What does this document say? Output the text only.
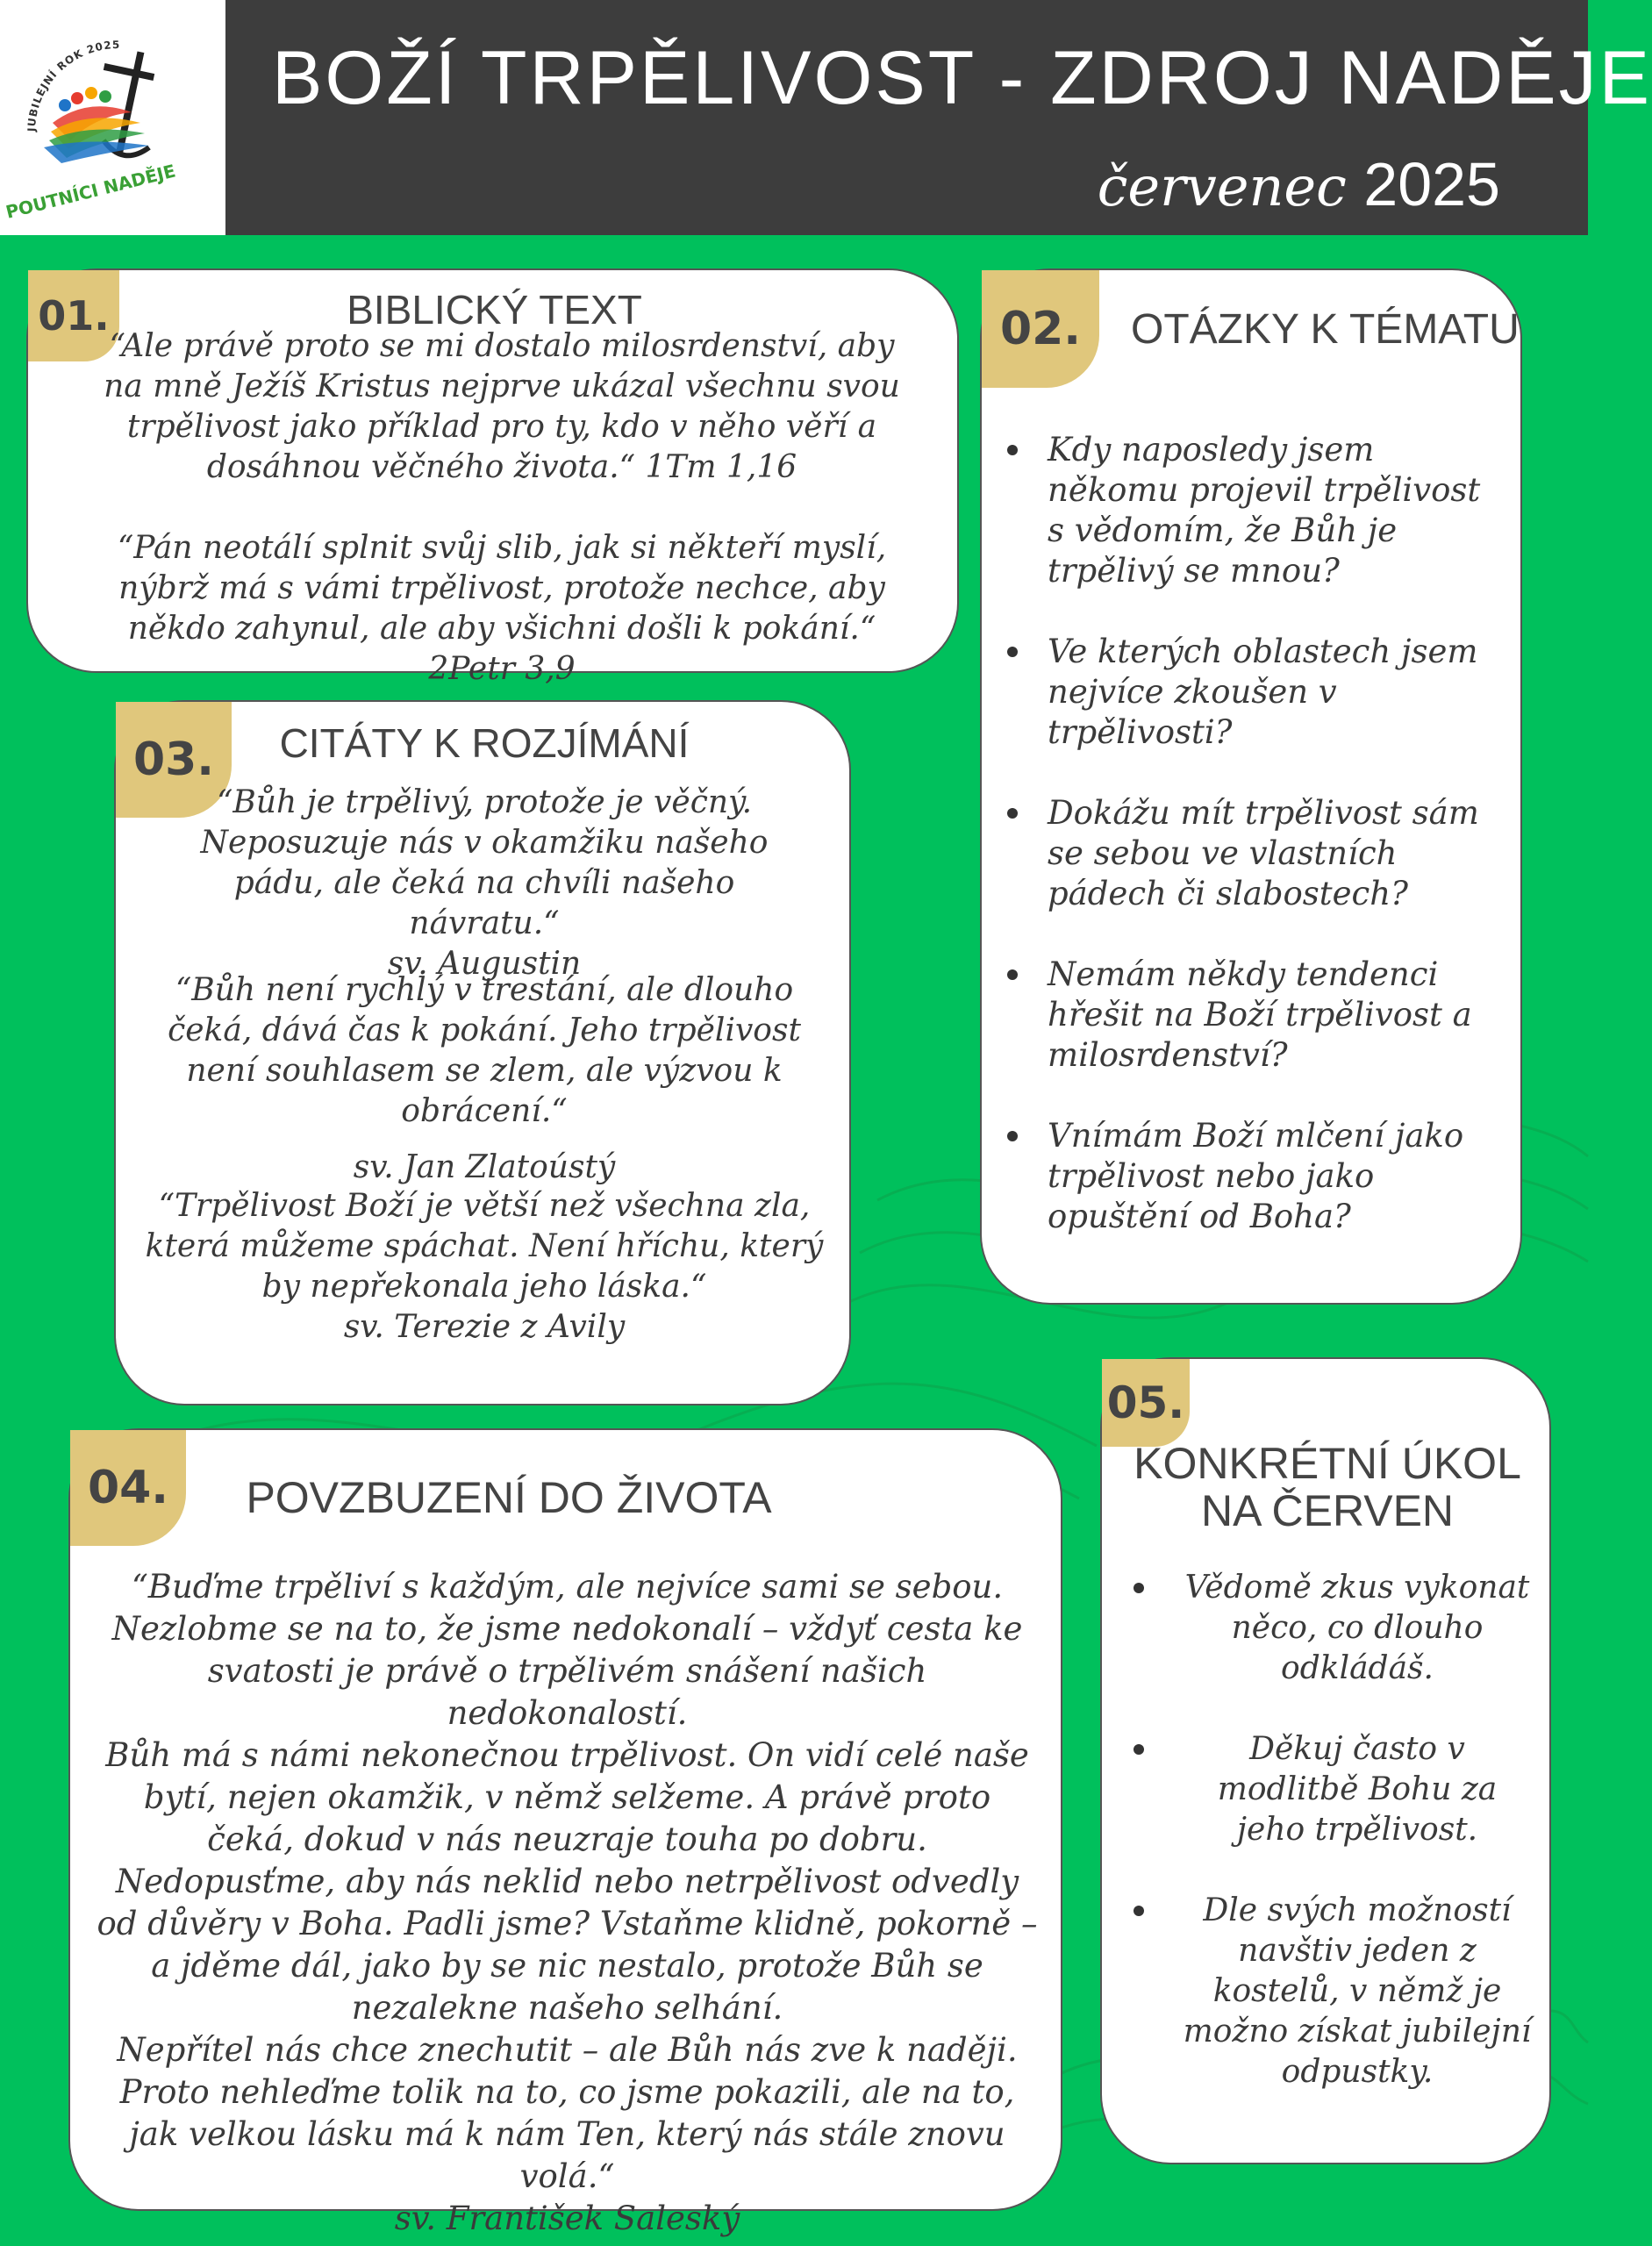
JUBILEJNÍ ROK 2025
POUTNÍCI NADĚJE
BOŽÍ TRPĚLIVOST - ZDROJ NADĚJE
červenec 2025
01.	BIBLICKÝ TEXT

“Ale právě proto se mi dostalo milosrdenství, aby na mně Ježíš Kristus nejprve ukázal všechnu svou trpělivost jako příklad pro ty, kdo v něho věří a dosáhnou věčného života.“ 1Tm 1,16

“Pán neotálí splnit svůj slib, jak si někteří myslí, nýbrž má s vámi trpělivost, protože nechce, aby někdo zahynul, ale aby všichni došli k pokání.“ 2Petr 3,9

02.	OTÁZKY K TÉMATU
Kdy naposledy jsem někomu projevil trpělivost s vědomím, že Bůh je trpělivý se mnou?
Ve kterých oblastech jsem nejvíce zkoušen v trpělivosti?
Dokážu mít trpělivost sám se sebou ve vlastních pádech či slabostech?
Nemám někdy tendenci hřešit na Boží trpělivost a milosrdenství?
Vnímám Boží mlčení jako trpělivost nebo jako opuštění od Boha?
03.	CITÁTY K ROZJÍMÁNÍ

“Bůh je trpělivý, protože je věčný. Neposuzuje nás v okamžiku našeho pádu, ale čeká na chvíli našeho návratu.“

sv. Augustin

“Bůh není rychlý v trestání, ale dlouho čeká, dává čas k pokání. Jeho trpělivost není souhlasem se zlem, ale výzvou k obrácení.“

sv. Jan Zlatoústý

“Trpělivost Boží je větší než všechna zla, která můžeme spáchat. Není hříchu, který by nepřekonala jeho láska.“

sv. Terezie z Avily

04.	POVZBUZENÍ DO ŽIVOTA

“Buďme trpěliví s každým, ale nejvíce sami se sebou. Nezlobme se na to, že jsme nedokonalí – vždyť cesta ke svatosti je právě o trpělivém snášení našich nedokonalostí.

Bůh má s námi nekonečnou trpělivost. On vidí celé naše bytí, nejen okamžik, v němž selžeme. A právě proto čeká, dokud v nás neuzraje touha po dobru.

Nedopusťme, aby nás neklid nebo netrpělivost odvedly od důvěry v Boha. Padli jsme? Vstaňme klidně, pokorně – a jděme dál, jako by se nic nestalo, protože Bůh se nezalekne našeho selhání.

Nepřítel nás chce znechutit – ale Bůh nás zve k naději. Proto nehleďme tolik na to, co jsme pokazili, ale na to, jak velkou lásku má k nám Ten, který nás stále znovu volá.“

sv. František Saleský

05.
KONKRÉTNÍ ÚKOL
NA ČERVEN
Vědomě zkus vykonat něco, co dlouho odkládáš.
Děkuj často v modlitbě Bohu za jeho trpělivost.
Dle svých možností navštiv jeden z kostelů, v němž je možno získat jubilejní odpustky.
